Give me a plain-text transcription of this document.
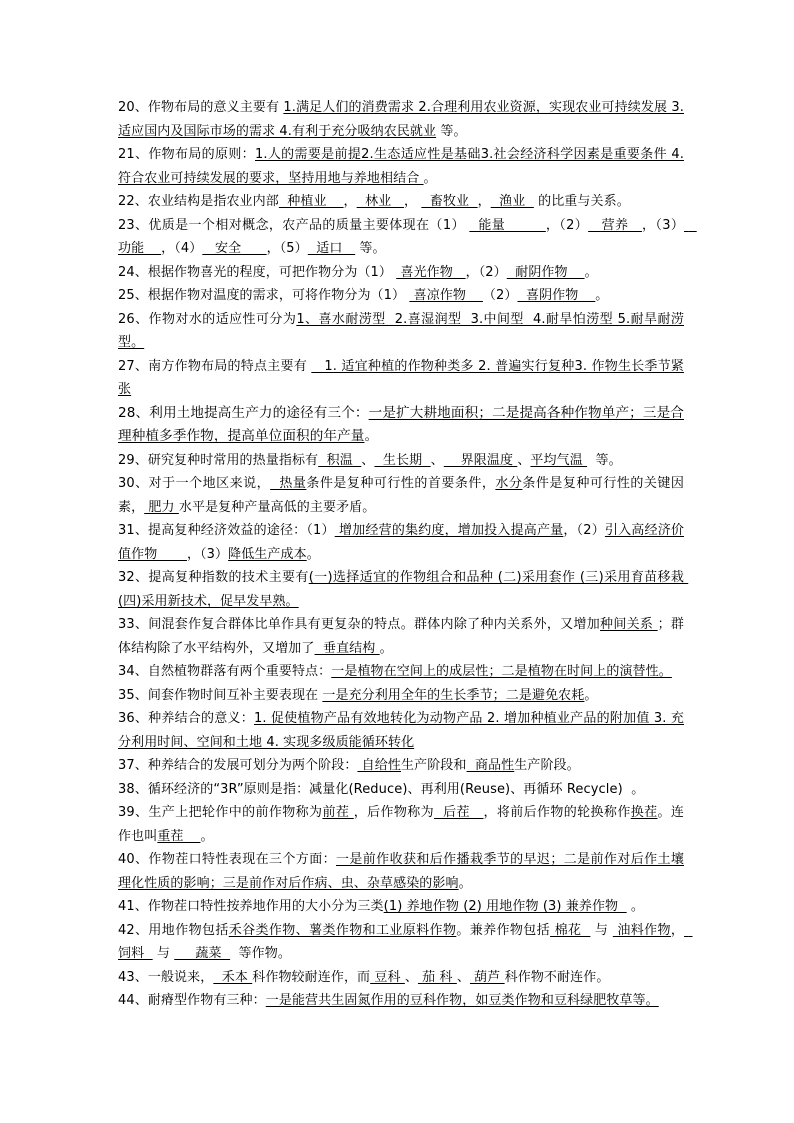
20、作物布局的意义主要有 1.满足人们的消费需求 2.合理利用农业资源，实现农业可持续发展 3.适应国内及国际市场的需求 4.有利于充分吸纳农民就业 等。

21、作物布局的原则：1.人的需要是前提2.生态适应性是基础3.社会经济科学因素是重要条件 4.符合农业可持续发展的要求，坚持用地与养地相结合 。

22、农业结构是指农业内部  种植业    ，  林业   ，   畜牧业  ，  渔业   的比重与关系。

23、优质是一个相对概念，农产品的质量主要体现在（1）   能量         ，（2）   营养   ，（3）   功能    ，（4）   安全      ，（5）  适口    等。

24、根据作物喜光的程度，可把作物分为（1）  喜光作物   ，（2）  耐阴作物    。

25、根据作物对温度的需求，可将作物分为（1）  喜凉作物    （2）  喜阴作物    。

26、作物对水的适应性可分为1、喜水耐涝型  2.喜湿润型  3.中间型  4.耐旱怕涝型 5.耐旱耐涝型。

27、南方作物布局的特点主要有    1. 适宜种植的作物种类多 2. 普遍实行复种3. 作物生长季节紧张

28、利用土地提高生产力的途径有三个：一是扩大耕地面积；二是提高各种作物单产；三是合理种植多季作物，提高单位面积的年产量。

29、研究复种时常用的热量指标有  积温  、  生长期  、    界限温度 、平均气温   等。

30、对于一个地区来说，  热量条件是复种可行性的首要条件，水分条件是复种可行性的关键因素， 肥力 水平是复种产量高低的主要矛盾。

31、提高复种经济效益的途径：（1） 增加经营的集约度，增加投入提高产量，（2）引入高经济价值作物       ，（3）降低生产成本。

32、提高复种指数的技术主要有(一)选择适宜的作物组合和品种 (二)采用套作 (三)采用育苗移栽 (四)采用新技术，促早发早熟。

33、间混套作复合群体比单作具有更复杂的特点。群体内除了种内关系外，又增加种间关系 ；群体结构除了水平结构外，又增加了  垂直结构 。

34、自然植物群落有两个重要特点：一是植物在空间上的成层性；二是植物在时间上的演替性。

35、间套作物时间互补主要表现在 一是充分利用全年的生长季节；二是避免农耗。

36、种养结合的意义：1. 促使植物产品有效地转化为动物产品 2. 增加种植业产品的附加值 3. 充分利用时间、空间和土地 4. 实现多级质能循环转化

37、种养结合的发展可划分为两个阶段： 自给性生产阶段和  商品性生产阶段。

38、循环经济的“3R”原则是指：减量化(Reduce)、再利用(Reuse)、再循环 Recycle)  。

39、生产上把轮作中的前作物称为前茬 ，后作物称为  后茬   ，将前后作物的轮换称作换茬。连作也叫重茬    。

40、作物茬口特性表现在三个方面：一是前作收获和后作播栽季节的早迟；二是前作对后作土壤理化性质的影响；三是前作对后作病、虫、杂草感染的影响。

41、作物茬口特性按养地作用的大小分为三类(1) 养地作物 (2) 用地作物 (3) 兼养作物   。

42、用地作物包括禾谷类作物、薯类作物和工业原料作物。兼养作物包括 棉花   与  油料作物，  饲料   与      蔬菜    等作物。

43、一般说来，  禾本 科作物较耐连作，而 豆科 、 茄 科 、 葫芦 科作物不耐连作。

44、耐瘠型作物有三种：一是能营共生固氮作用的豆科作物，如豆类作物和豆科绿肥牧草等。
